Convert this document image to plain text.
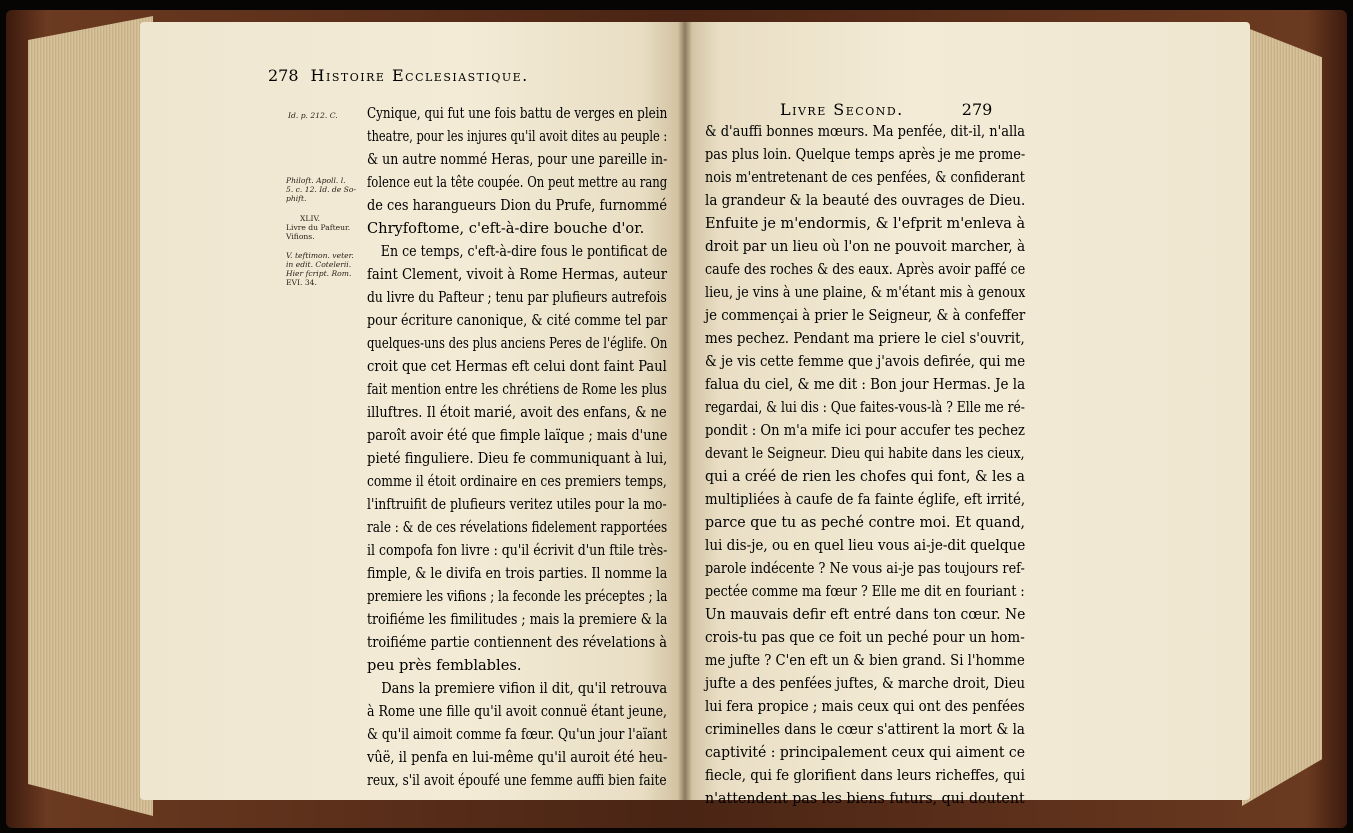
278 Histoire Ecclesiastique.
Id. p. 212. C.
Philoft. Apoll. l.
5. c. 12. Id. de So-
phift.
XLIV.
Livre du Pafteur.
Vifions.
V. teftimon. veter.
in edit. Cotelerii.
Hier fcript. Rom.
EVI. 34.
Cynique, qui fut une fois battu de verges en plein
theatre, pour les injures qu'il avoit dites au peuple :
& un autre nommé Heras, pour une pareille in-
folence eut la tête coupée. On peut mettre au rang
de ces harangueurs Dion du Prufe, furnommé
Chryfoftome, c'eft-à-dire bouche d'or.
En ce temps, c'eft-à-dire fous le pontificat de
faint Clement, vivoit à Rome Hermas, auteur
du livre du Pafteur ; tenu par plufieurs autrefois
pour écriture canonique, & cité comme tel par
quelques-uns des plus anciens Peres de l'églife. On
croit que cet Hermas eft celui dont faint Paul
fait mention entre les chrétiens de Rome les plus
illuftres. Il étoit marié, avoit des enfans, & ne
paroît avoir été que fimple laïque ; mais d'une
pieté finguliere. Dieu fe communiquant à lui,
comme il étoit ordinaire en ces premiers temps,
l'inftruifit de plufieurs veritez utiles pour la mo-
rale : & de ces révelations fidelement rapportées
il compofa fon livre : qu'il écrivit d'un ftile très-
fimple, & le divifa en trois parties. Il nomme la
premiere les vifions ; la feconde les préceptes ; la
troifiéme les fimilitudes ; mais la premiere & la
troifiéme partie contiennent des révelations à
peu près femblables.
Dans la premiere vifion il dit, qu'il retrouva
à Rome une fille qu'il avoit connuë étant jeune,
& qu'il aimoit comme fa fœur. Qu'un jour l'aïant
vûë, il penfa en lui-même qu'il auroit été heu-
reux, s'il avoit époufé une femme auffi bien faite
Livre Second.	279
& d'auffi bonnes mœurs. Ma penfée, dit-il, n'alla
pas plus loin. Quelque temps après je me prome-
nois m'entretenant de ces penfées, & confiderant
la grandeur & la beauté des ouvrages de Dieu.
Enfuite je m'endormis, & l'efprit m'enleva à
droit par un lieu où l'on ne pouvoit marcher, à
caufe des roches & des eaux. Après avoir paffé ce
lieu, je vins à une plaine, & m'étant mis à genoux
je commençai à prier le Seigneur, & à confeffer
mes pechez. Pendant ma priere le ciel s'ouvrit,
& je vis cette femme que j'avois defirée, qui me
falua du ciel, & me dit : Bon jour Hermas. Je la
regardai, & lui dis : Que faites-vous-là ? Elle me ré-
pondit : On m'a mife ici pour accufer tes pechez
devant le Seigneur. Dieu qui habite dans les cieux,
qui a créé de rien les chofes qui font, & les a
multipliées à caufe de fa fainte églife, eft irrité,
parce que tu as peché contre moi. Et quand,
lui dis-je, ou en quel lieu vous ai-je-dit quelque
parole indécente ? Ne vous ai-je pas toujours ref-
pectée comme ma fœur ? Elle me dit en fouriant :
Un mauvais defir eft entré dans ton cœur. Ne
crois-tu pas que ce foit un peché pour un hom-
me jufte ? C'en eft un & bien grand. Si l'homme
jufte a des penfées juftes, & marche droit, Dieu
lui fera propice ; mais ceux qui ont des penfées
criminelles dans le cœur s'attirent la mort & la
captivité : principalement ceux qui aiment ce
fiecle, qui fe glorifient dans leurs richeffes, qui
n'attendent pas les biens futurs, qui doutent
